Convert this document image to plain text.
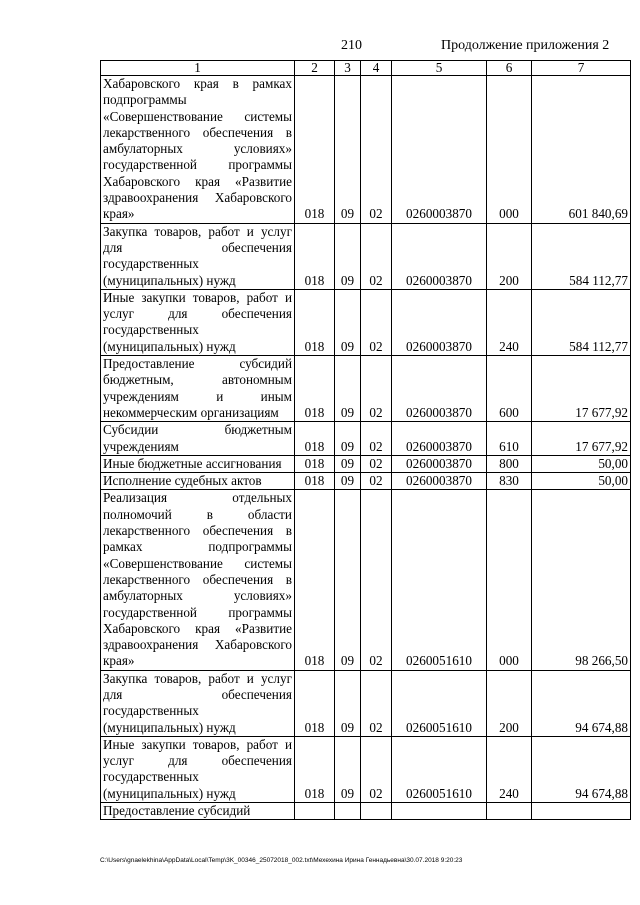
210	Продолжение приложения 2
1	2	3	4	5	6	7
Хабаровского края в рамках подпрограммы «Совершенствование системы лекарственного обеспечения в амбулаторных условиях» государственной программы Хабаровского края «Развитие здравоохранения Хабаровского края»	018	09	02	0260003870	000	601 840,69
Закупка товаров, работ и услуг для обеспечения государственных (муниципальных) нужд	018	09	02	0260003870	200	584 112,77
Иные закупки товаров, работ и услуг для обеспечения государственных (муниципальных) нужд	018	09	02	0260003870	240	584 112,77
Предоставление субсидий бюджетным, автономным учреждениям и иным некоммерческим организациям	018	09	02	0260003870	600	17 677,92
Субсидии бюджетным учреждениям	018	09	02	0260003870	610	17 677,92
Иные бюджетные ассигнования	018	09	02	0260003870	800	50,00
Исполнение судебных актов	018	09	02	0260003870	830	50,00
Реализация отдельных полномочий в области лекарственного обеспечения в рамках подпрограммы «Совершенствование системы лекарственного обеспечения в амбулаторных условиях» государственной программы Хабаровского края «Развитие здравоохранения Хабаровского края»	018	09	02	0260051610	000	98 266,50
Закупка товаров, работ и услуг для обеспечения государственных (муниципальных) нужд	018	09	02	0260051610	200	94 674,88
Иные закупки товаров, работ и услуг для обеспечения государственных (муниципальных) нужд	018	09	02	0260051610	240	94 674,88
Предоставление субсидий						
C:\Users\gnaelekhina\AppData\Local\Temp\3K_00346_25072018_002.txt\Мехехина Ирина Геннадьевна\30.07.2018 9:20:23
